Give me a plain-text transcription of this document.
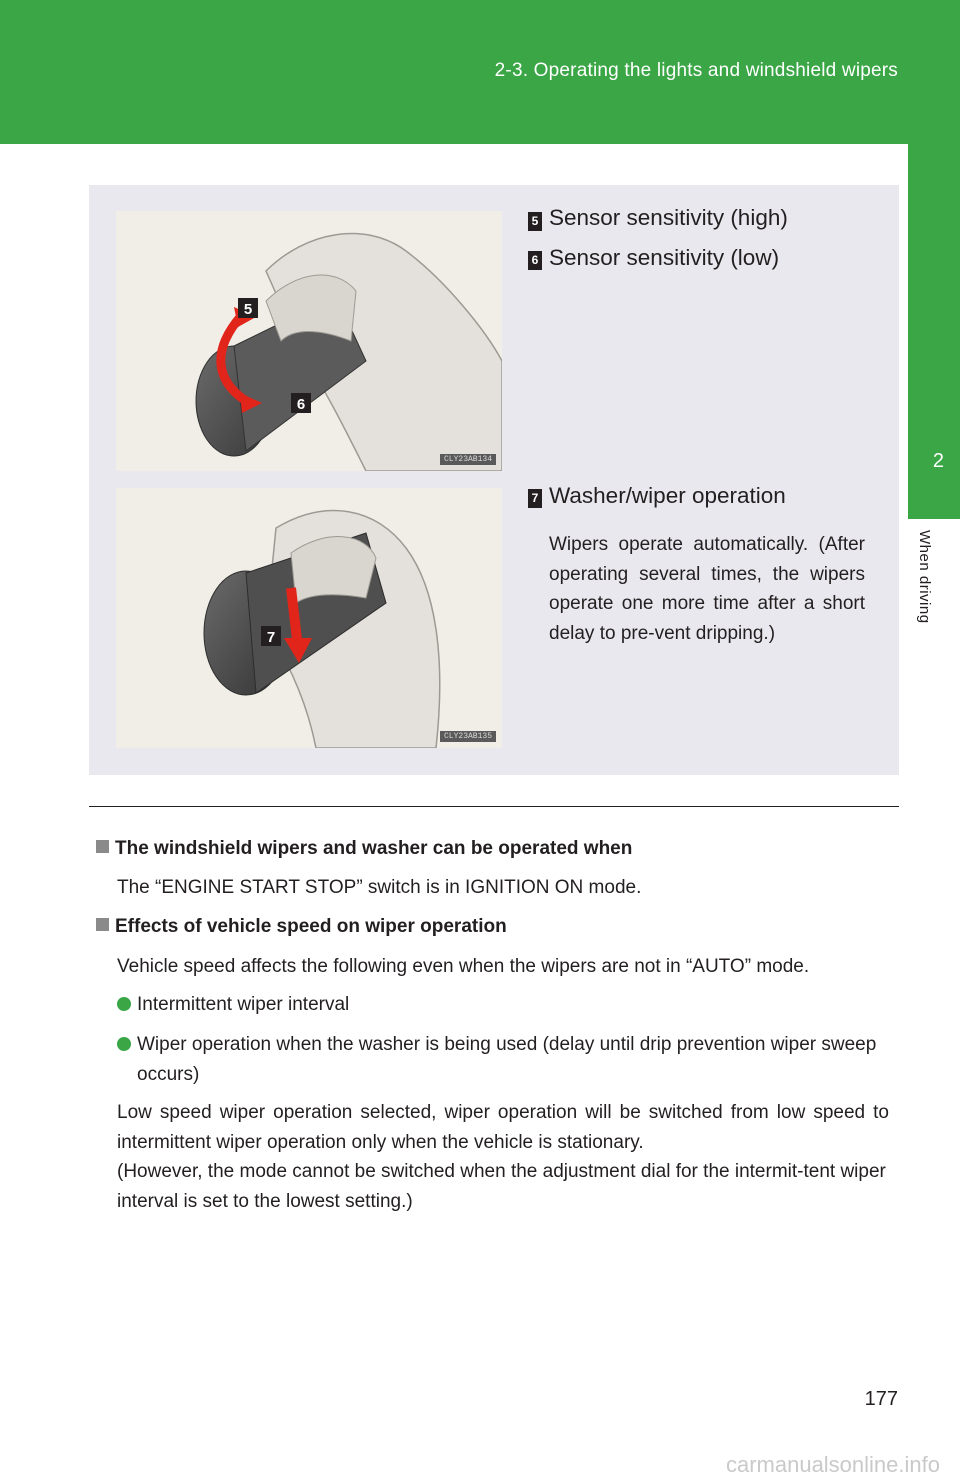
2-3. Operating the lights and windshield wipers
2
When driving
5
6
CLY23AB134
7
CLY23AB135
5 Sensor sensitivity (high)
6 Sensor sensitivity (low)
7 Washer/wiper operation
Wipers operate automatically. (After operating several times, the wipers operate one more time after a short delay to pre-vent dripping.)
The windshield wipers and washer can be operated when
The “ENGINE START STOP” switch is in IGNITION ON mode.
Effects of vehicle speed on wiper operation
Vehicle speed affects the following even when the wipers are not in “AUTO” mode.
Intermittent wiper interval
Wiper operation when the washer is being used (delay until drip prevention wiper sweep occurs)
Low speed wiper operation selected, wiper operation will be switched from low speed to intermittent wiper operation only when the vehicle is stationary.
(However, the mode cannot be switched when the adjustment dial for the intermit-tent wiper interval is set to the lowest setting.)
177
carmanualsonline.info
